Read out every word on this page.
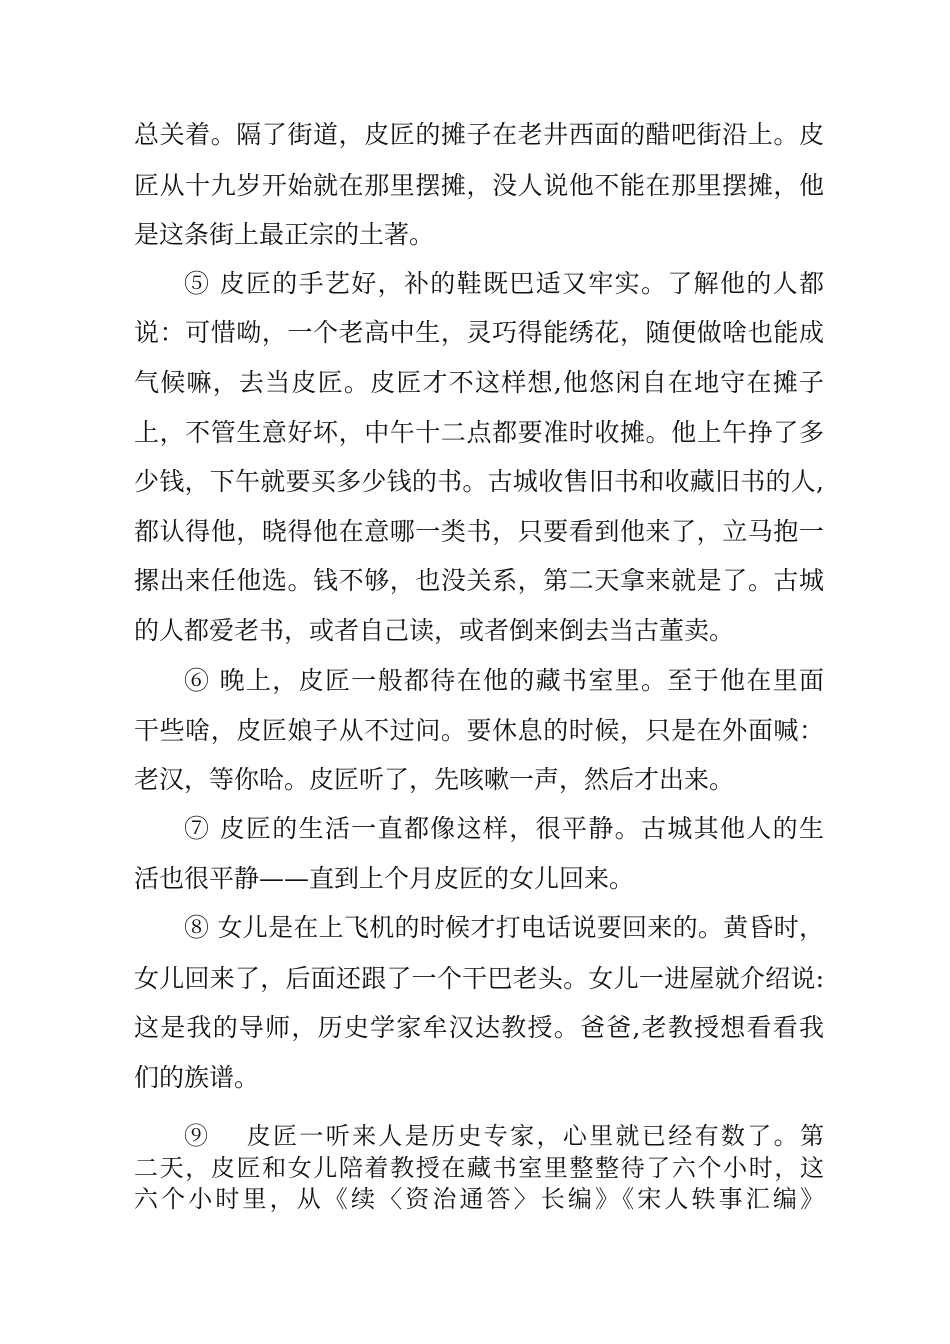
总关着。隔了街道，皮匠的摊子在老井西面的醋吧街沿上。皮
匠从十九岁开始就在那里摆摊，没人说他不能在那里摆摊，他
是这条街上最正宗的土著。
⑤ 皮匠的手艺好，补的鞋既巴适又牢实。了解他的人都
说：可惜呦，一个老高中生，灵巧得能绣花，随便做啥也能成
气候嘛，去当皮匠。皮匠才不这样想,他悠闲自在地守在摊子
上，不管生意好坏，中午十二点都要准时收摊。他上午挣了多
少钱，下午就要买多少钱的书。古城收售旧书和收藏旧书的人,
都认得他，晓得他在意哪一类书，只要看到他来了，立马抱一
摞出来任他选。钱不够，也没关系，第二天拿来就是了。古城
的人都爱老书，或者自己读，或者倒来倒去当古董卖。
⑥ 晚上，皮匠一般都待在他的藏书室里。至于他在里面
干些啥，皮匠娘子从不过问。要休息的时候，只是在外面喊：
老汉，等你哈。皮匠听了，先咳嗽一声，然后才出来。
⑦ 皮匠的生活一直都像这样，很平静。古城其他人的生
活也很平静——直到上个月皮匠的女儿回来。
⑧ 女儿是在上飞机的时候才打电话说要回来的。黄昏时，
女儿回来了，后面还跟了一个干巴老头。女儿一进屋就介绍说:
这是我的导师，历史学家牟汉达教授。爸爸,老教授想看看我
们的族谱。
⑨　 皮匠一听来人是历史专家，心里就已经有数了。第
二天，皮匠和女儿陪着教授在藏书室里整整待了六个小时，这
六个小时里，从《续〈资治通答〉长编》《宋人轶事汇编》
